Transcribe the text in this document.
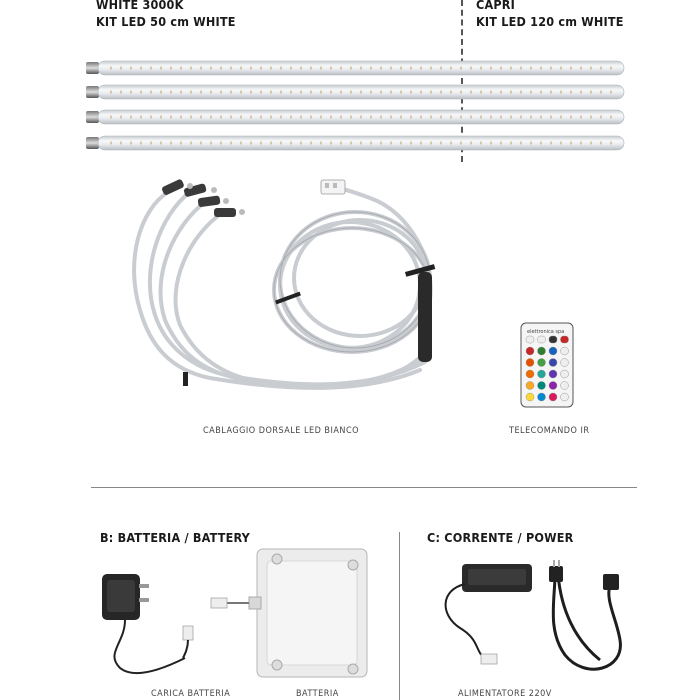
WHITE 3000K
KIT LED 50 cm WHITE
CAPRI
KIT LED 120 cm WHITE
elettronica spa
CABLAGGIO DORSALE LED BIANCO	TELECOMANDO IR
B: BATTERIA / BATTERY	C: CORRENTE / POWER
CARICA BATTERIA	BATTERIA	ALIMENTATORE 220V
